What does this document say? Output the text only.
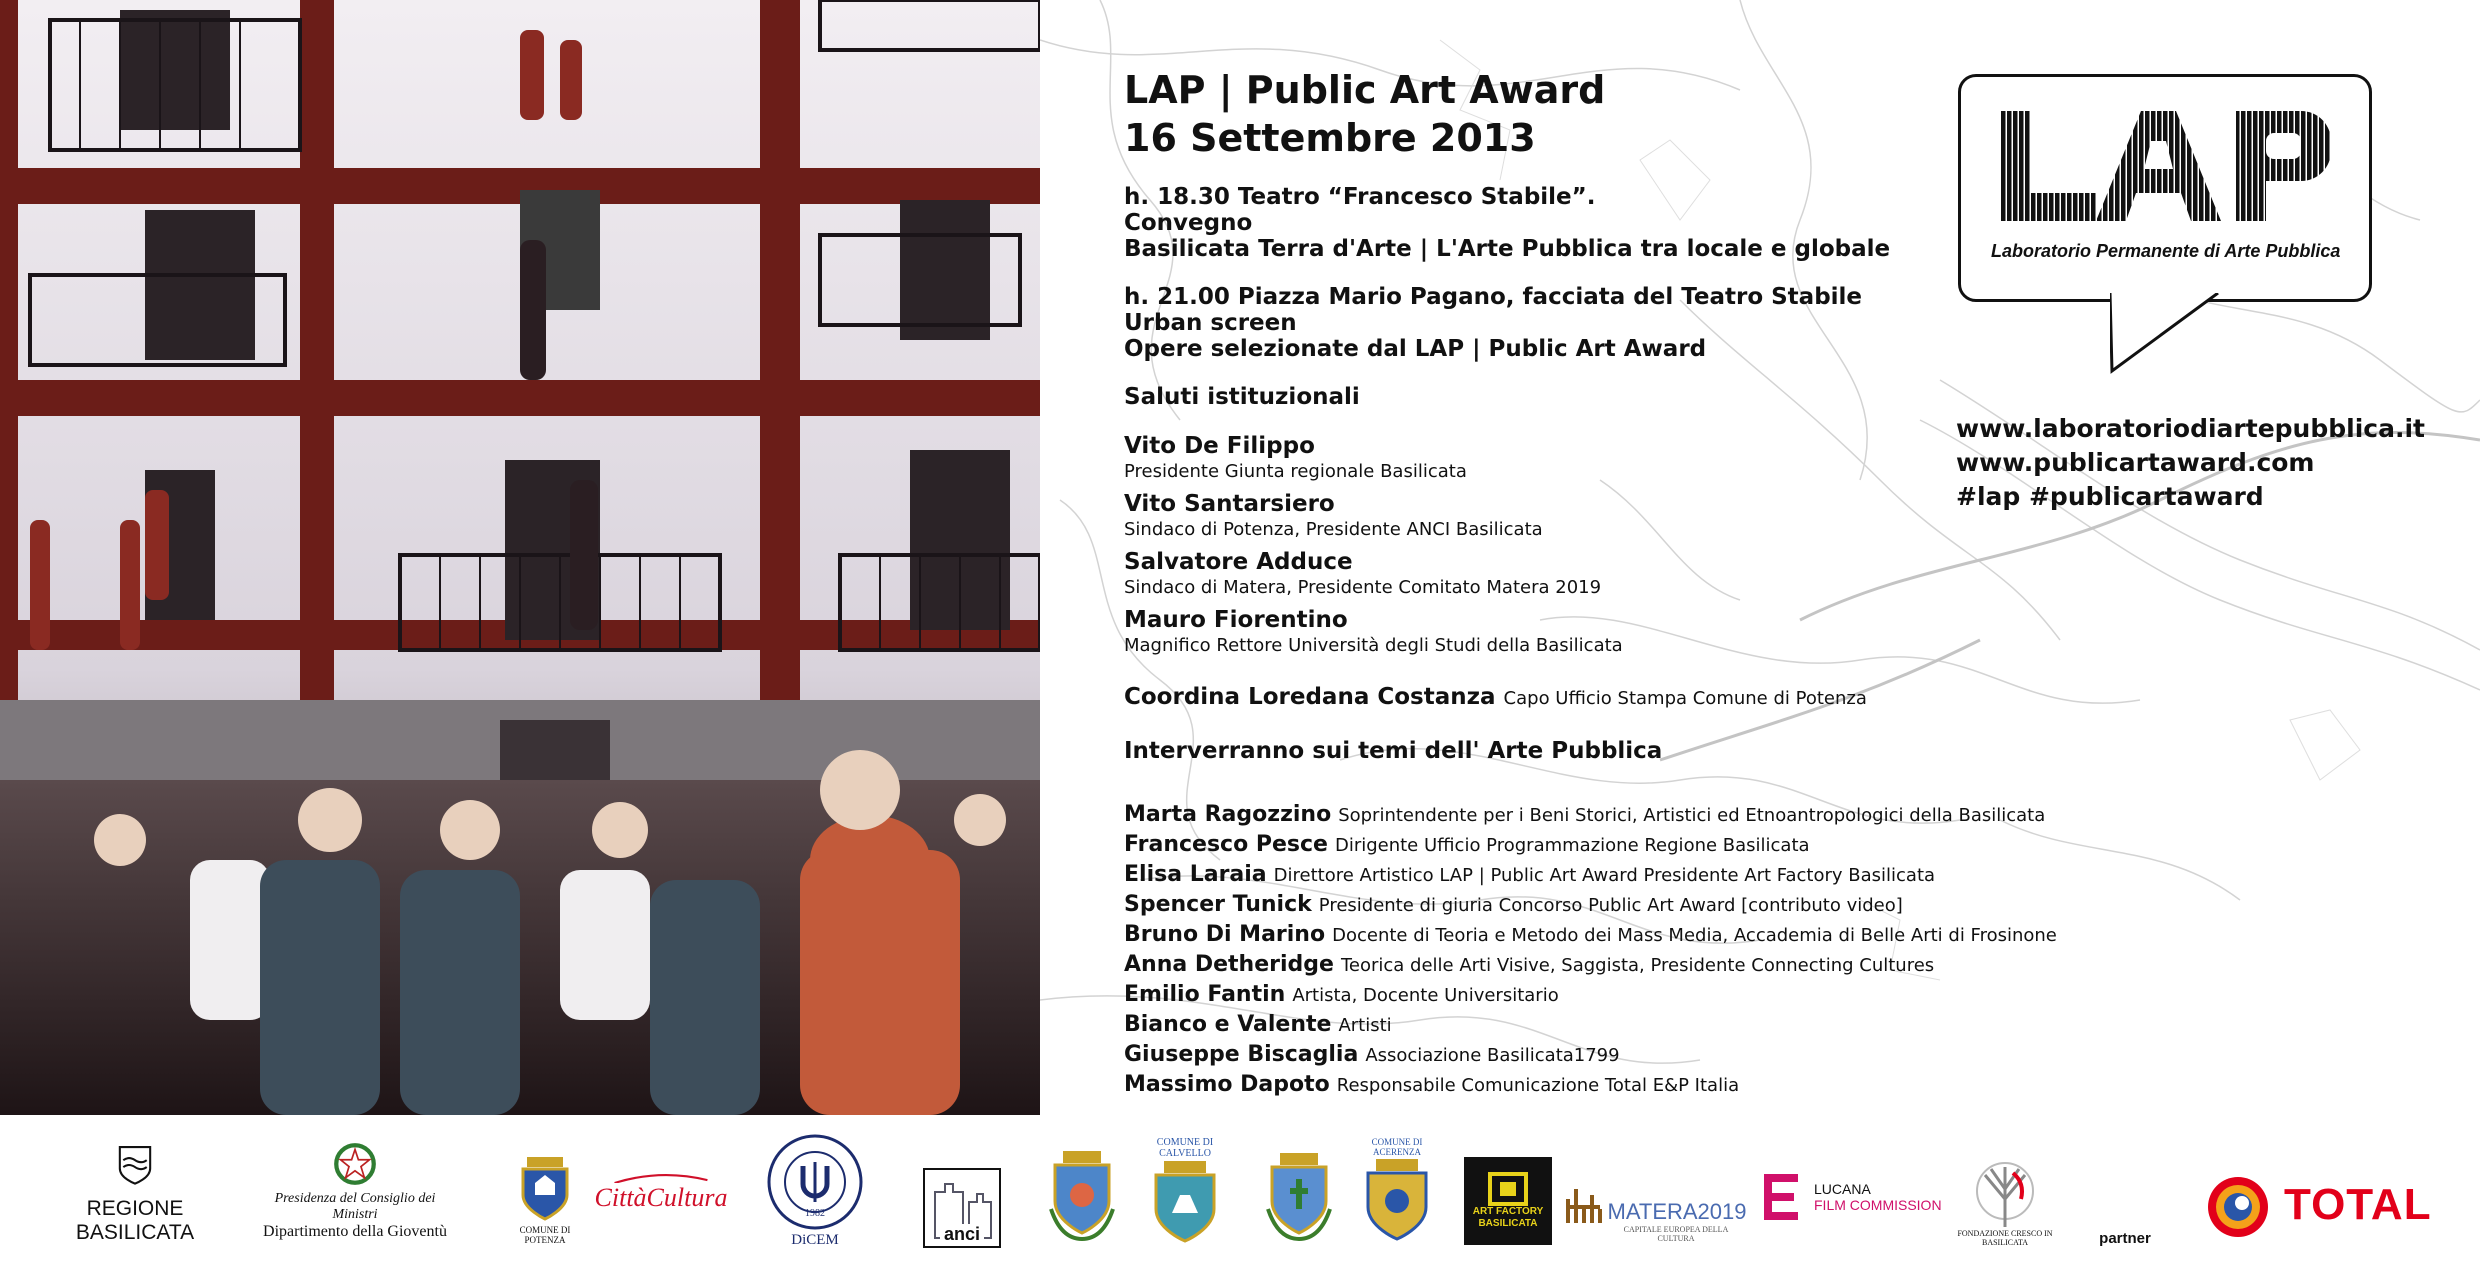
LAP | Public Art Award
16 Settembre 2013
h. 18.30 Teatro “Francesco Stabile”.
Convegno
Basilicata Terra d'Arte | L'Arte Pubblica tra locale e globale
h. 21.00 Piazza Mario Pagano, facciata del Teatro Stabile
Urban screen
Opere selezionate dal LAP | Public Art Award
Saluti istituzionali
Vito De Filippo
Presidente Giunta regionale Basilicata
Vito Santarsiero
Sindaco di Potenza, Presidente ANCI Basilicata
Salvatore Adduce
Sindaco di Matera, Presidente Comitato Matera 2019
Mauro Fiorentino
Magnifico Rettore Università degli Studi della Basilicata
Coordina Loredana Costanza Capo Ufficio Stampa Comune di Potenza
Interverranno sui temi dell' Arte Pubblica
Marta Ragozzino Soprintendente per i Beni Storici, Artistici ed Etnoantropologici della Basilicata
Francesco Pesce Dirigente Ufficio Programmazione Regione Basilicata
Elisa Laraia Direttore Artistico LAP | Public Art Award Presidente Art Factory Basilicata
Spencer Tunick Presidente di giuria Concorso Public Art Award [contributo video]
Bruno Di Marino Docente di Teoria e Metodo dei Mass Media, Accademia di Belle Arti di Frosinone
Anna Detheridge Teorica delle Arti Visive, Saggista, Presidente Connecting Cultures
Emilio Fantin Artista, Docente Universitario
Bianco e Valente Artisti
Giuseppe Biscaglia Associazione Basilicata1799
Massimo Dapoto Responsabile Comunicazione Total E&P Italia
Laboratorio Permanente di Arte Pubblica
www.laboratoriodiartepubblica.it
www.publicartaward.com
#lap #publicartaward
REGIONE BASILICATA
Presidenza del Consiglio dei Ministri
Dipartimento della Gioventù	COMUNE DI POTENZA
CittàCultura
1982
DiCEM	anci
COMUNE DI CALVELLO
COMUNE DI ACERENZA
ART FACTORY BASILICATA	MATERA2019
CAPITALE EUROPEA DELLA CULTURA
LUCANA
FILM COMMISSION
FONDAZIONE CRESCO IN BASILICATA	partner
TOTAL
